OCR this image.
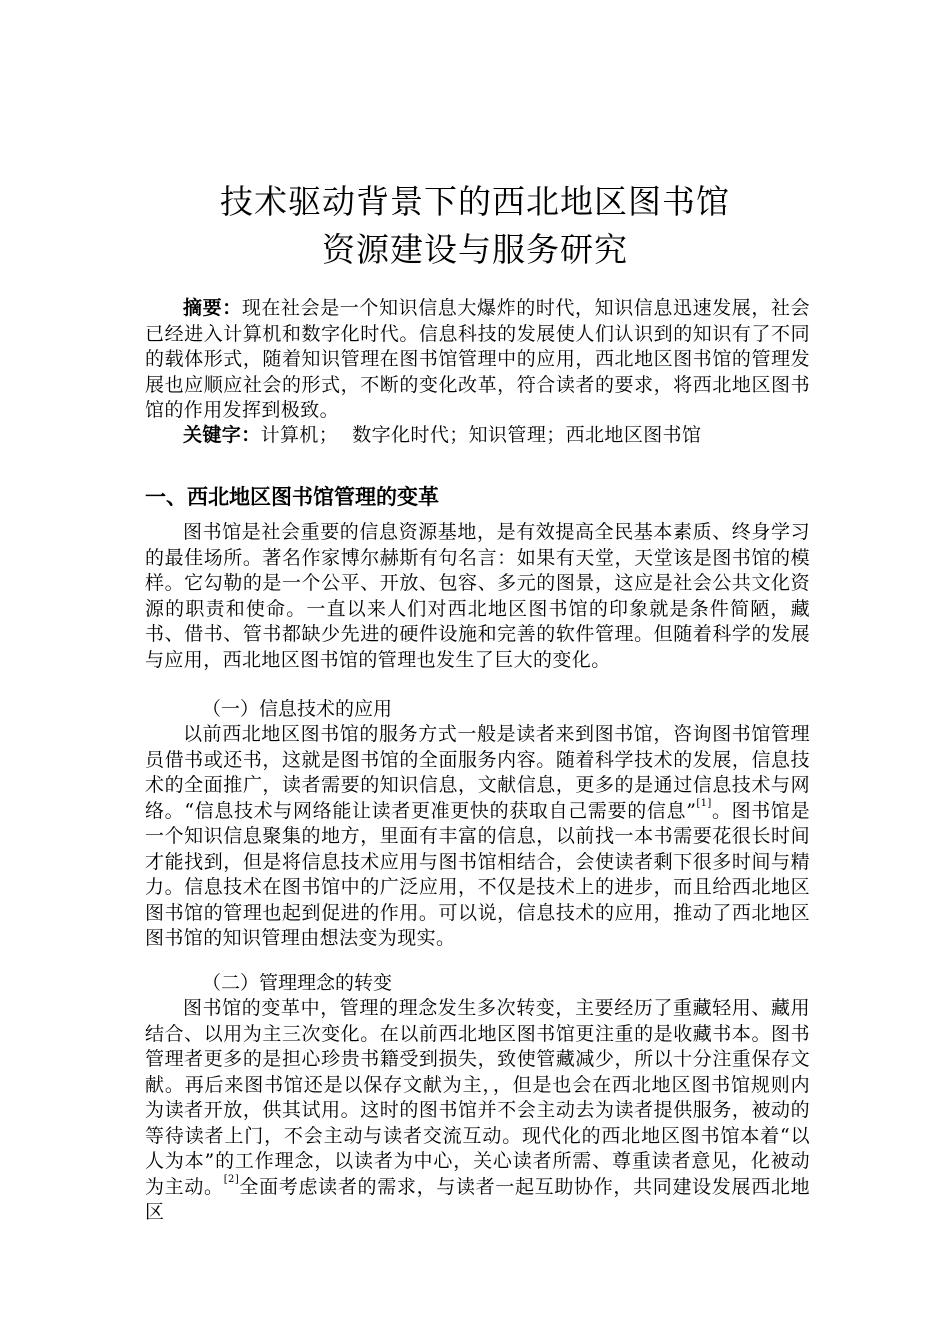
技术驱动背景下的西北地区图书馆
资源建设与服务研究
摘要：现在社会是一个知识信息大爆炸的时代，知识信息迅速发展，社会已经进入计算机和数字化时代。信息科技的发展使人们认识到的知识有了不同的载体形式，随着知识管理在图书馆管理中的应用，西北地区图书馆的管理发展也应顺应社会的形式，不断的变化改革，符合读者的要求，将西北地区图书馆的作用发挥到极致。
关键字：计算机； 数字化时代；知识管理；西北地区图书馆
一、西北地区图书馆管理的变革
图书馆是社会重要的信息资源基地，是有效提高全民基本素质、终身学习的最佳场所。著名作家博尔赫斯有句名言：如果有天堂，天堂该是图书馆的模样。它勾勒的是一个公平、开放、包容、多元的图景，这应是社会公共文化资源的职责和使命。一直以来人们对西北地区图书馆的印象就是条件简陋，藏书、借书、管书都缺少先进的硬件设施和完善的软件管理。但随着科学的发展与应用，西北地区图书馆的管理也发生了巨大的变化。
（一）信息技术的应用
以前西北地区图书馆的服务方式一般是读者来到图书馆，咨询图书馆管理员借书或还书，这就是图书馆的全面服务内容。随着科学技术的发展，信息技术的全面推广，读者需要的知识信息，文献信息，更多的是通过信息技术与网络。“信息技术与网络能让读者更准更快的获取自己需要的信息”[1]。图书馆是一个知识信息聚集的地方，里面有丰富的信息，以前找一本书需要花很长时间才能找到，但是将信息技术应用与图书馆相结合，会使读者剩下很多时间与精力。信息技术在图书馆中的广泛应用，不仅是技术上的进步，而且给西北地区图书馆的管理也起到促进的作用。可以说，信息技术的应用，推动了西北地区图书馆的知识管理由想法变为现实。
（二）管理理念的转变
图书馆的变革中，管理的理念发生多次转变，主要经历了重藏轻用、藏用结合、以用为主三次变化。在以前西北地区图书馆更注重的是收藏书本。图书管理者更多的是担心珍贵书籍受到损失，致使管藏减少，所以十分注重保存文献。再后来图书馆还是以保存文献为主，，但是也会在西北地区图书馆规则内为读者开放，供其试用。这时的图书馆并不会主动去为读者提供服务，被动的等待读者上门，不会主动与读者交流互动。现代化的西北地区图书馆本着“以人为本”的工作理念，以读者为中心，关心读者所需、尊重读者意见，化被动为主动。[2]全面考虑读者的需求，与读者一起互助协作，共同建设发展西北地区
